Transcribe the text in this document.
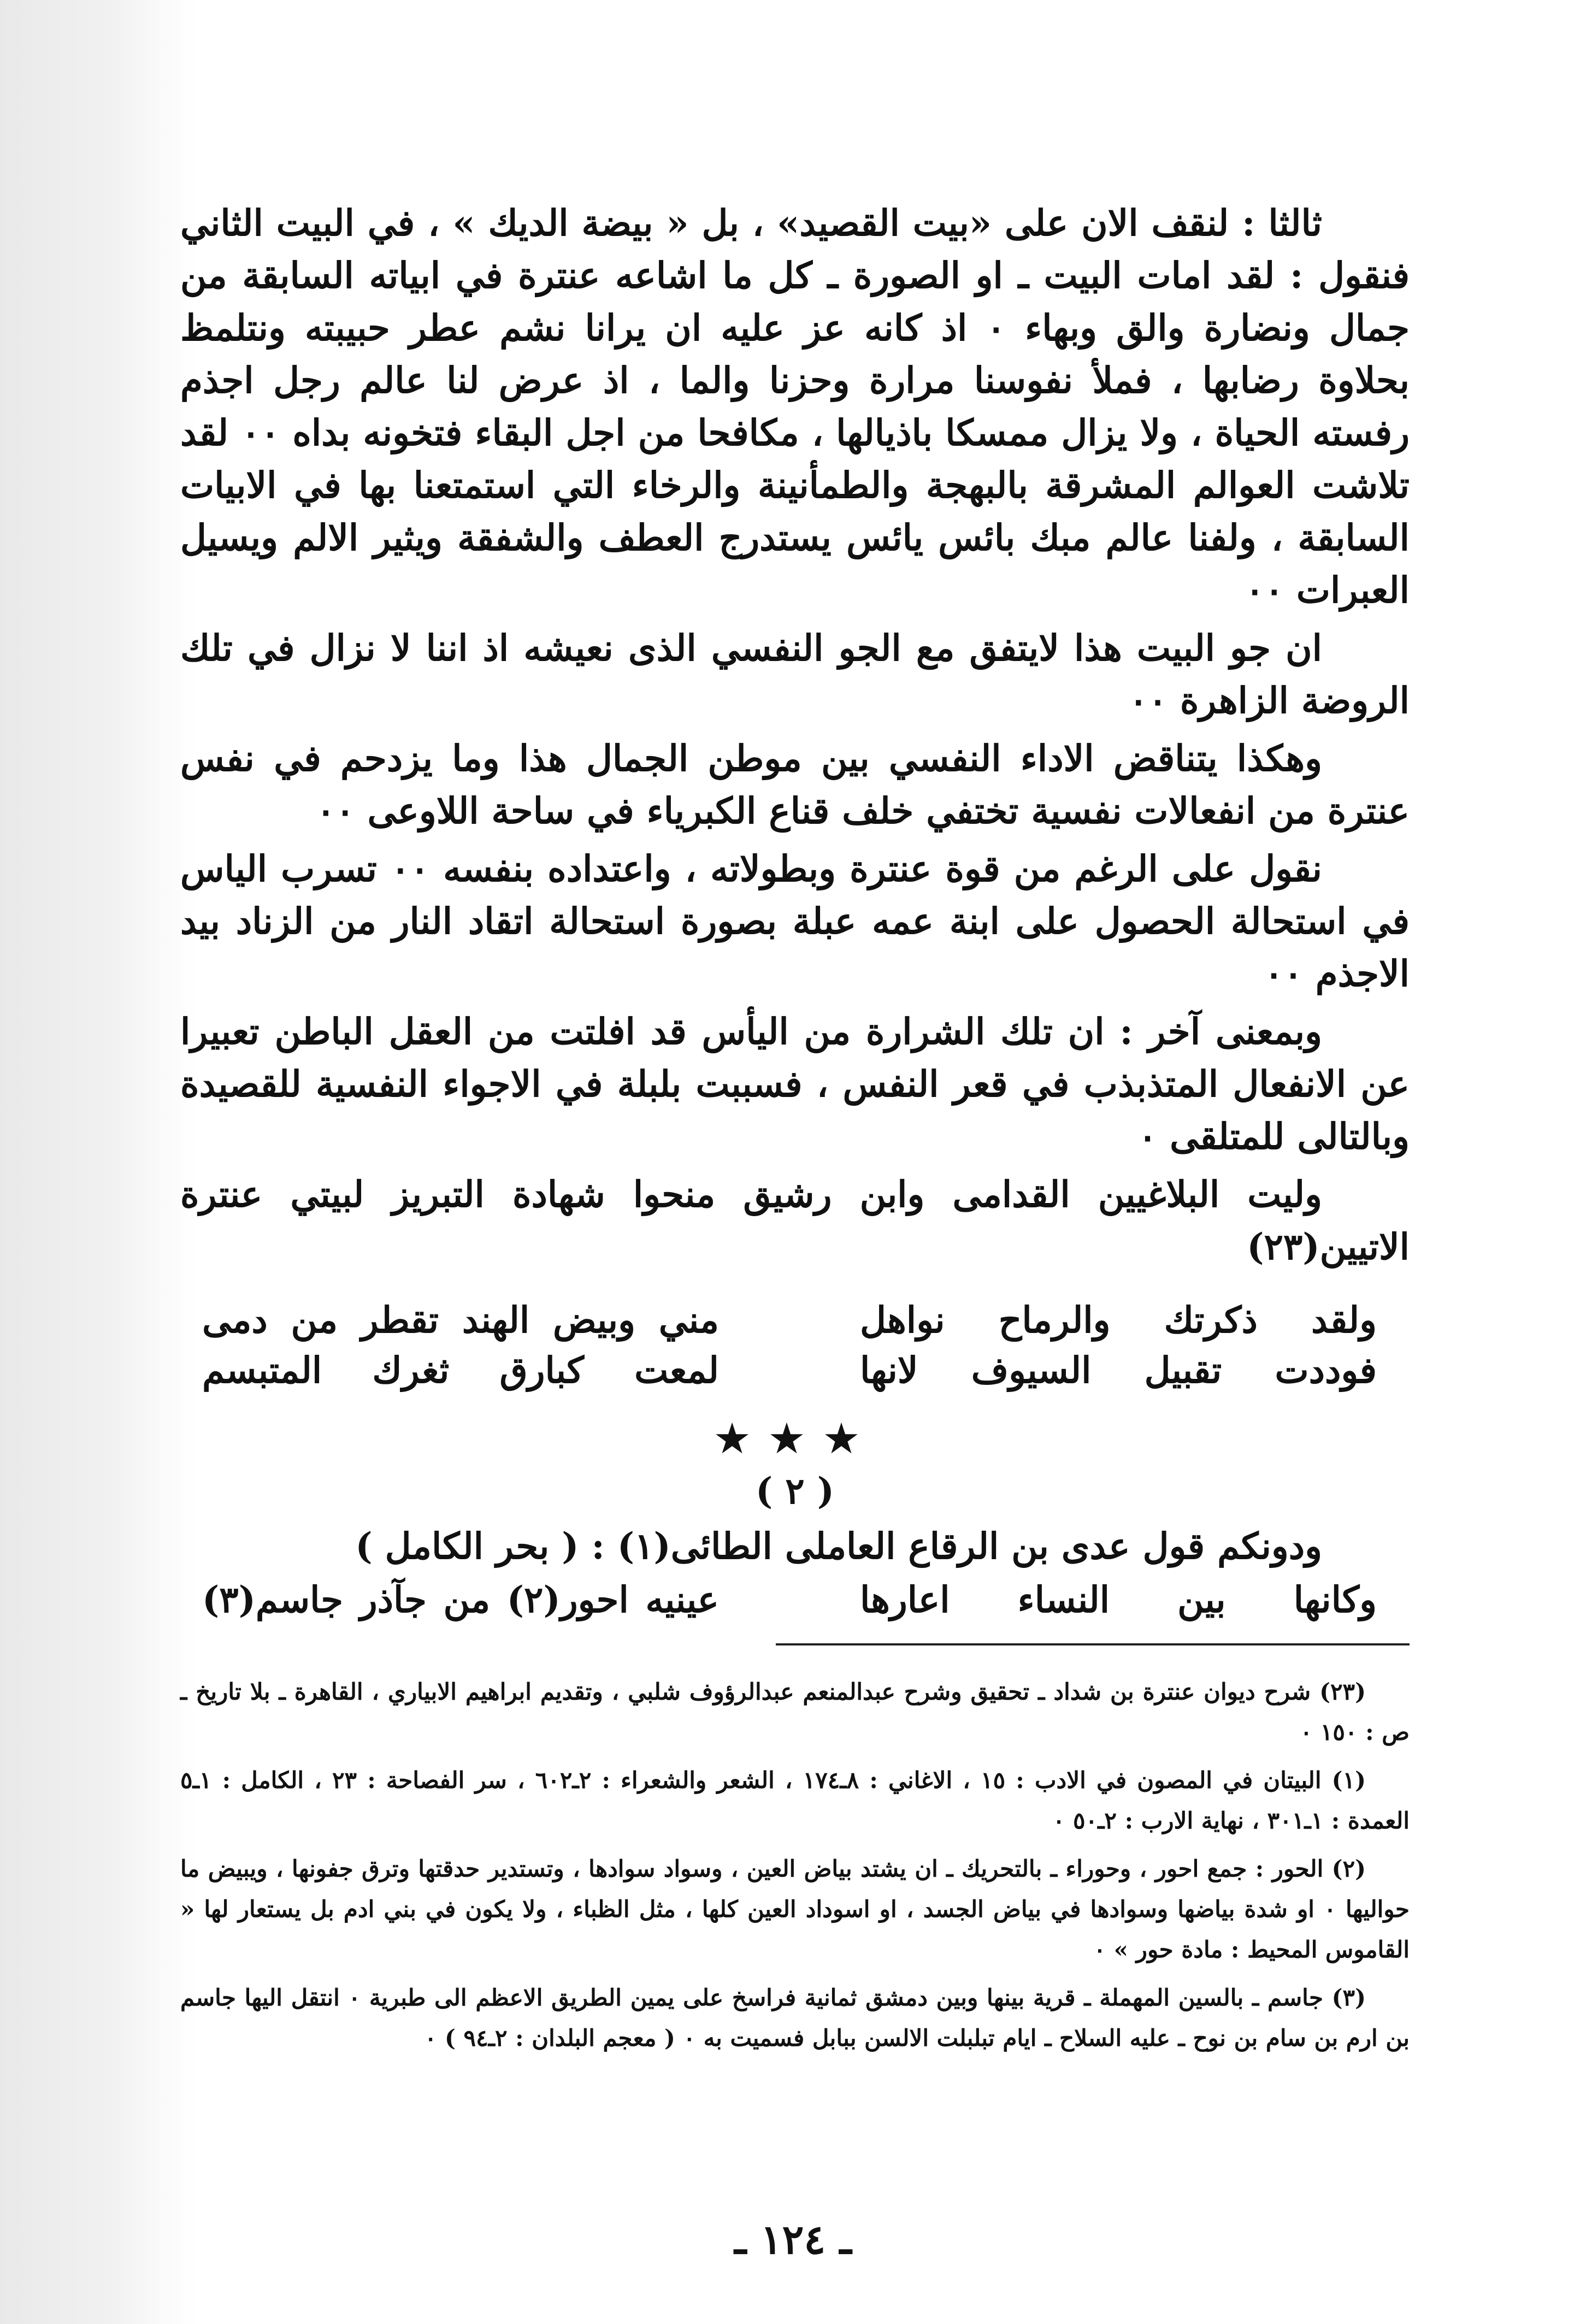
ثالثا : لنقف الان على «بيت القصيد» ، بل « بيضة الديك » ، في البيت الثاني فنقول : لقد امات البيت ـ او الصورة ـ كل ما اشاعه عنترة في ابياته السابقة من جمال ونضارة والق وبهاء ٠ اذ كانه عز عليه ان يرانا نشم عطر حبيبته ونتلمظ بحلاوة رضابها ، فملأ نفوسنا مرارة وحزنا والما ، اذ عرض لنا عالم رجل اجذم رفسته الحياة ، ولا يزال ممسكا باذيالها ، مكافحا من اجل البقاء فتخونه بداه ٠٠ لقد تلاشت العوالم المشرقة بالبهجة والطمأنينة والرخاء التي استمتعنا بها في الابيات السابقة ، ولفنا عالم مبك بائس يائس يستدرج العطف والشفقة ويثير الالم ويسيل العبرات ٠٠

ان جو البيت هذا لايتفق مع الجو النفسي الذى نعيشه اذ اننا لا نزال في تلك الروضة الزاهرة ٠٠

وهكذا يتناقض الاداء النفسي بين موطن الجمال هذا وما يزدحم في نفس عنترة من انفعالات نفسية تختفي خلف قناع الكبرياء في ساحة اللاوعى ٠٠

نقول على الرغم من قوة عنترة وبطولاته ، واعتداده بنفسه ٠٠ تسرب الياس في استحالة الحصول على ابنة عمه عبلة بصورة استحالة اتقاد النار من الزناد بيد الاجذم ٠٠

وبمعنى آخر : ان تلك الشرارة من اليأس قد افلتت من العقل الباطن تعبيرا عن الانفعال المتذبذب في قعر النفس ، فسببت بلبلة في الاجواء النفسية للقصيدة وبالتالى للمتلقى ٠

وليت البلاغيين القدامى وابن رشيق منحوا شهادة التبريز لبيتي عنترة الاتيين(٢٣)

ولقد ذكرتك والرماح نواهل
مني وبيض الهند تقطر من دمى
فوددت تقبيل السيوف لانها
لمعت كبارق ثغرك المتبسم
★★★
( ٢ )
ودونكم قول عدى بن الرقاع العاملى الطائى(١) : ( بحر الكامل )
وكانها بين النساء اعارها
عينيه احور(٢) من جآذر جاسم(٣)

(٢٣) شرح ديوان عنترة بن شداد ـ تحقيق وشرح عبدالمنعم عبدالرؤوف شلبي ، وتقديم ابراهيم الابياري ، القاهرة ـ بلا تاريخ ـ ص : ١٥٠ ٠

(١) البيتان في المصون في الادب : ١٥ ، الاغاني : ٨ـ١٧٤ ، الشعر والشعراء : ٢ـ٦٠٢ ، سر الفصاحة : ٢٣ ، الكامل : ١ـ٥ العمدة : ١ـ٣٠١ ، نهاية الارب : ٢ـ٥٠ ٠

(٢) الحور : جمع احور ، وحوراء ـ بالتحريك ـ ان يشتد بياض العين ، وسواد سوادها ، وتستدير حدقتها وترق جفونها ، ويبيض ما حواليها ٠ او شدة بياضها وسوادها في بياض الجسد ، او اسوداد العين كلها ، مثل الظباء ، ولا يكون في بني ادم بل يستعار لها « القاموس المحيط : مادة حور » ٠

(٣) جاسم ـ بالسين المهملة ـ قرية بينها وبين دمشق ثمانية فراسخ على يمين الطريق الاعظم الى طبرية ٠ انتقل اليها جاسم بن ارم بن سام بن نوح ـ عليه السلاح ـ ايام تبلبلت الالسن ببابل فسميت به ٠ ( معجم البلدان : ٢ـ٩٤ ) ٠

ـ ١٢٤ ـ
